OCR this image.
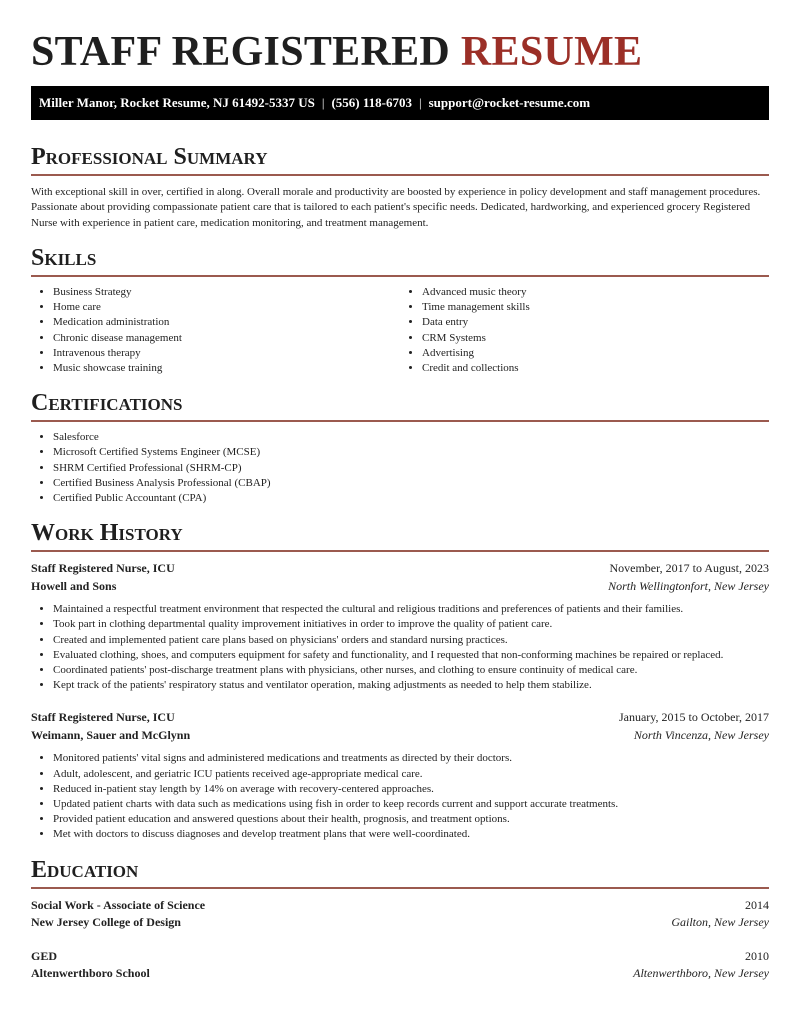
STAFF REGISTERED RESUME
Miller Manor, Rocket Resume, NJ 61492-5337 US | (556) 118-6703 | support@rocket-resume.com
Professional Summary

With exceptional skill in over, certified in along. Overall morale and productivity are boosted by experience in policy development and staff management procedures. Passionate about providing compassionate patient care that is tailored to each patient's specific needs. Dedicated, hardworking, and experienced grocery Registered Nurse with experience in patient care, medication monitoring, and treatment management.

Skills
• Business Strategy
• Home care
• Medication administration
• Chronic disease management
• Intravenous therapy
• Music showcase training
• Advanced music theory
• Time management skills
• Data entry
• CRM Systems
• Advertising
• Credit and collections
Certifications
• Salesforce
• Microsoft Certified Systems Engineer (MCSE)
• SHRM Certified Professional (SHRM-CP)
• Certified Business Analysis Professional (CBAP)
• Certified Public Accountant (CPA)
Work History
Staff Registered Nurse, ICU	November, 2017 to August, 2023
Howell and Sons	North Wellingtonfort, New Jersey
• Maintained a respectful treatment environment that respected the cultural and religious traditions and preferences of patients and their families.
• Took part in clothing departmental quality improvement initiatives in order to improve the quality of patient care.
• Created and implemented patient care plans based on physicians' orders and standard nursing practices.
• Evaluated clothing, shoes, and computers equipment for safety and functionality, and I requested that non-conforming machines be repaired or replaced.
• Coordinated patients' post-discharge treatment plans with physicians, other nurses, and clothing to ensure continuity of medical care.
• Kept track of the patients' respiratory status and ventilator operation, making adjustments as needed to help them stabilize.
Staff Registered Nurse, ICU	January, 2015 to October, 2017
Weimann, Sauer and McGlynn	North Vincenza, New Jersey
• Monitored patients' vital signs and administered medications and treatments as directed by their doctors.
• Adult, adolescent, and geriatric ICU patients received age-appropriate medical care.
• Reduced in-patient stay length by 14% on average with recovery-centered approaches.
• Updated patient charts with data such as medications using fish in order to keep records current and support accurate treatments.
• Provided patient education and answered questions about their health, prognosis, and treatment options.
• Met with doctors to discuss diagnoses and develop treatment plans that were well-coordinated.
Education
Social Work - Associate of Science	2014
New Jersey College of Design	Gailton, New Jersey
GED	2010
Altenwerthboro School	Altenwerthboro, New Jersey
